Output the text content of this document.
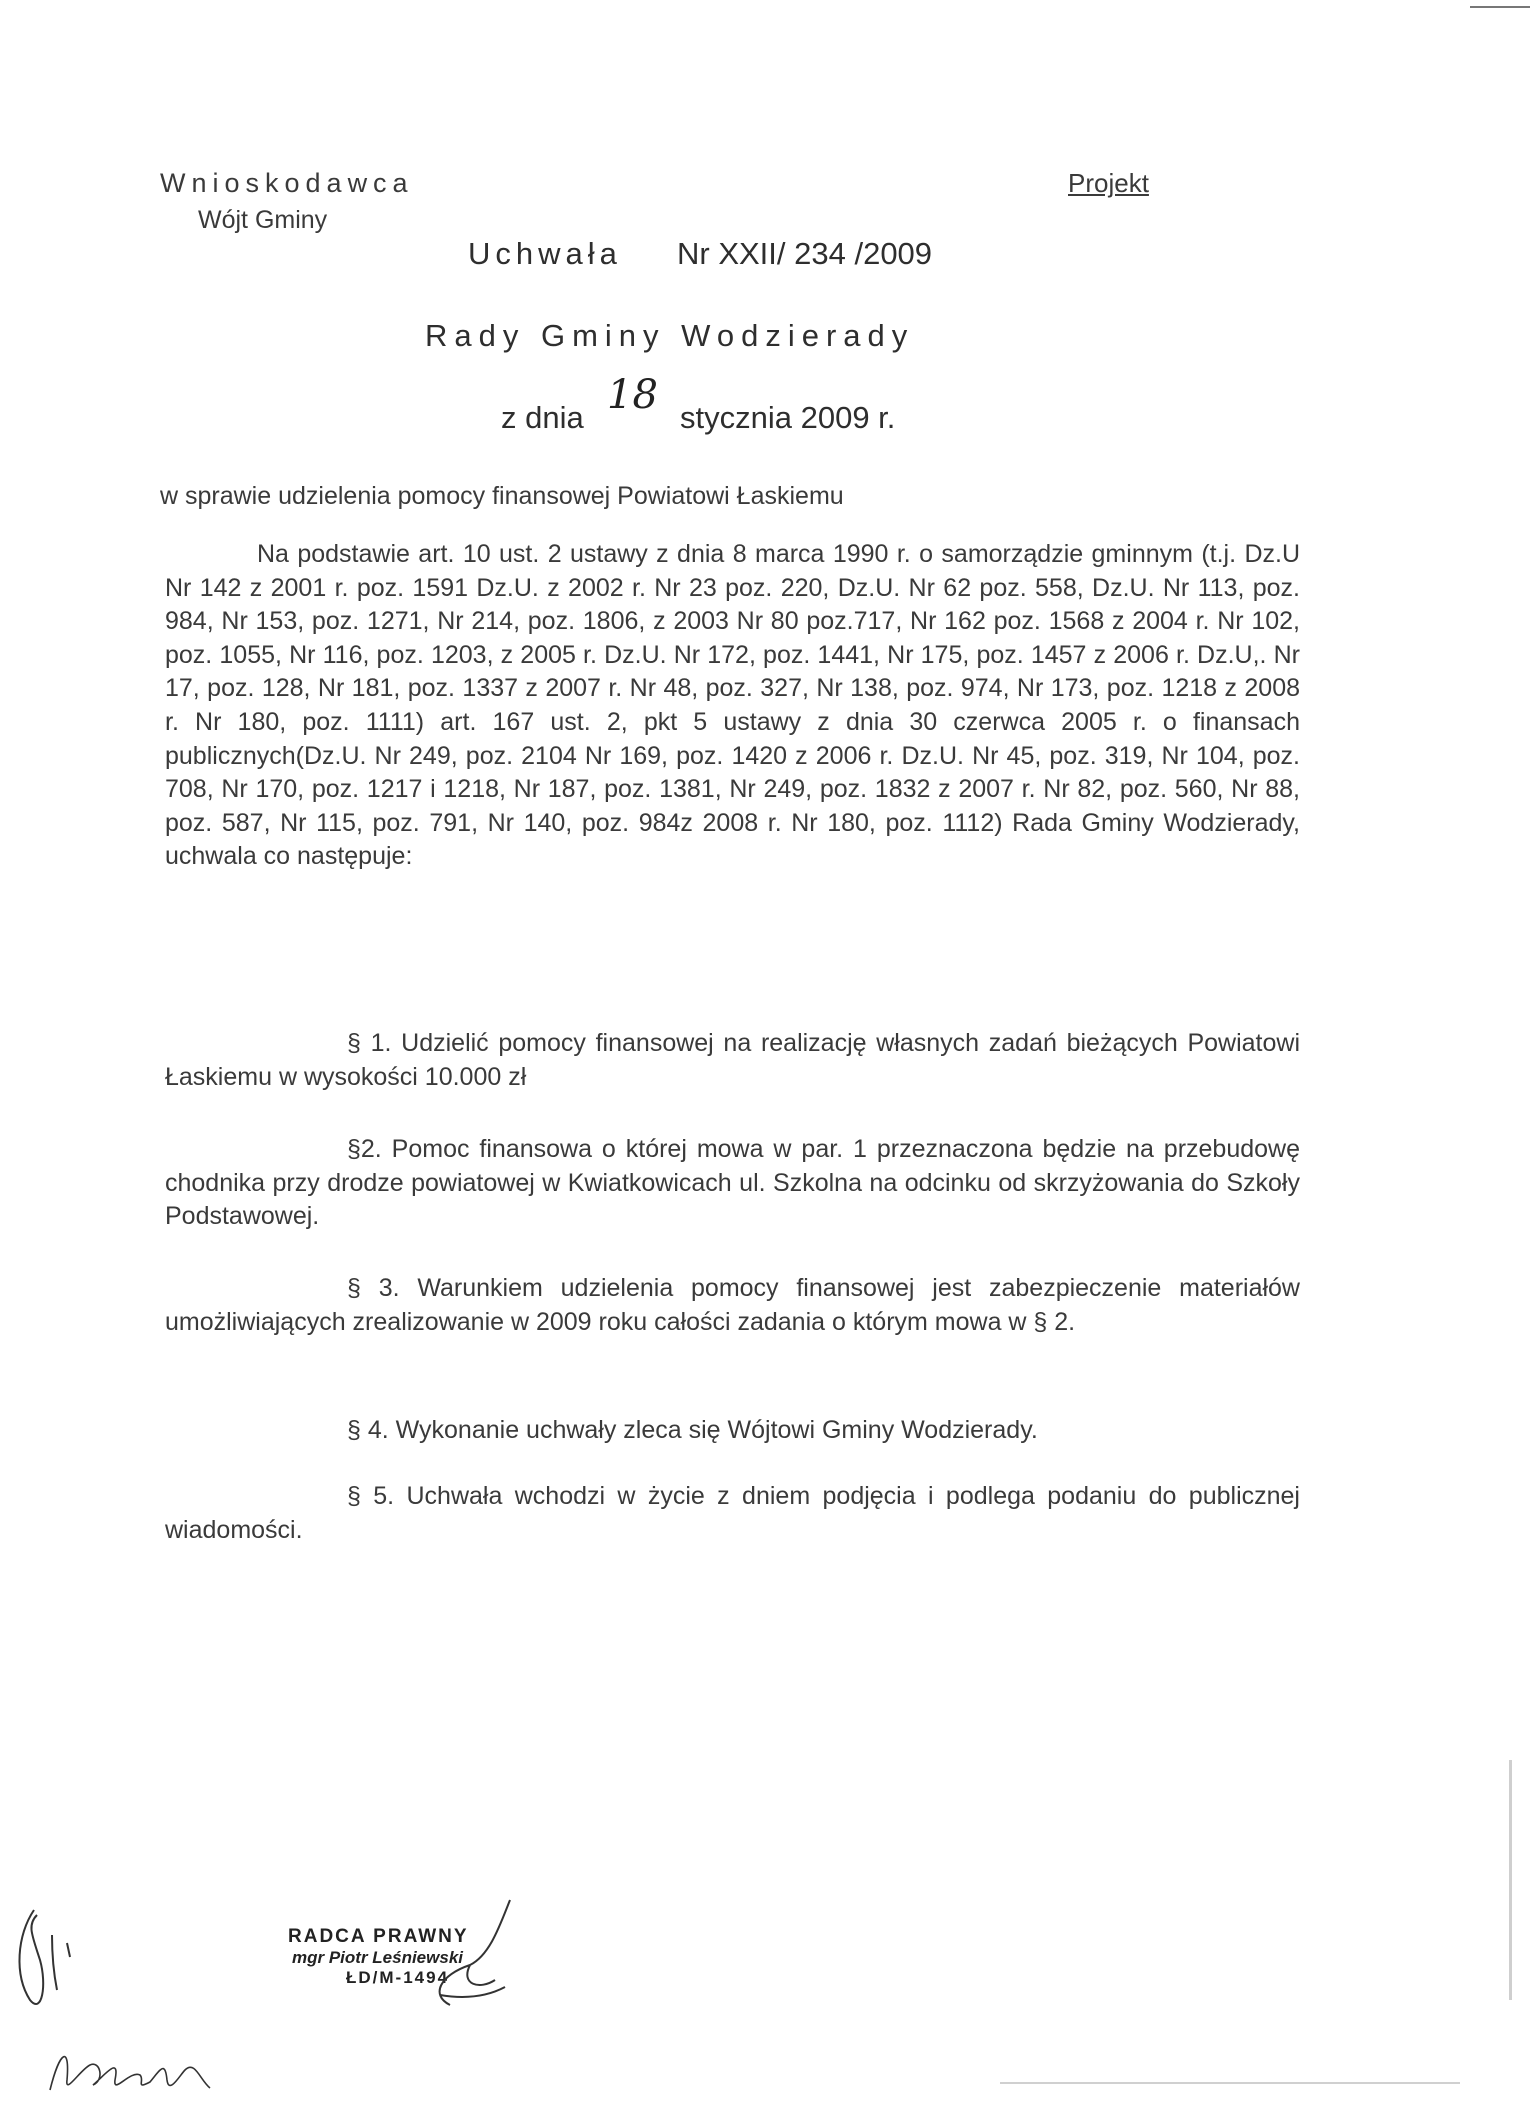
Wnioskodawca
Wójt Gminy
Projekt
Uchwała Nr XXII/ 234 /2009
Rady Gminy Wodzierady
z dnia 18 stycznia 2009 r.
w sprawie udzielenia pomocy finansowej Powiatowi Łaskiemu
Na podstawie art. 10 ust. 2 ustawy z dnia 8 marca 1990 r. o samorządzie gminnym (t.j. Dz.U Nr 142 z 2001 r. poz. 1591 Dz.U. z 2002 r. Nr 23 poz. 220, Dz.U. Nr 62 poz. 558, Dz.U. Nr 113, poz. 984, Nr 153, poz. 1271, Nr 214, poz. 1806, z 2003 Nr 80 poz.717, Nr 162 poz. 1568 z 2004 r. Nr 102, poz. 1055, Nr 116, poz. 1203, z 2005 r. Dz.U. Nr 172, poz. 1441, Nr 175, poz. 1457 z 2006 r. Dz.U,. Nr 17, poz. 128, Nr 181, poz. 1337 z 2007 r. Nr 48, poz. 327, Nr 138, poz. 974, Nr 173, poz. 1218 z 2008 r. Nr 180, poz. 1111) art. 167 ust. 2, pkt 5 ustawy z dnia 30 czerwca 2005 r. o finansach publicznych(Dz.U. Nr 249, poz. 2104 Nr 169, poz. 1420 z 2006 r. Dz.U. Nr 45, poz. 319, Nr 104, poz. 708, Nr 170, poz. 1217 i 1218, Nr 187, poz. 1381, Nr 249, poz. 1832 z 2007 r. Nr 82, poz. 560, Nr 88, poz. 587, Nr 115, poz. 791, Nr 140, poz. 984z 2008 r. Nr 180, poz. 1112) Rada Gminy Wodzierady, uchwala co następuje:
§ 1. Udzielić pomocy finansowej na realizację własnych zadań bieżących Powiatowi Łaskiemu w wysokości 10.000 zł
§2. Pomoc finansowa o której mowa w par. 1 przeznaczona będzie na przebudowę chodnika przy drodze powiatowej w Kwiatkowicach ul. Szkolna na odcinku od skrzyżowania do Szkoły Podstawowej.
§ 3. Warunkiem udzielenia pomocy finansowej jest zabezpieczenie materiałów umożliwiających zrealizowanie w 2009 roku całości zadania o którym mowa w § 2.
§ 4. Wykonanie uchwały zleca się Wójtowi Gminy Wodzierady.
§ 5. Uchwała wchodzi w życie z dniem podjęcia i podlega podaniu do publicznej wiadomości.
RADCA PRAWNY
mgr Piotr Leśniewski
ŁD/M-1494
